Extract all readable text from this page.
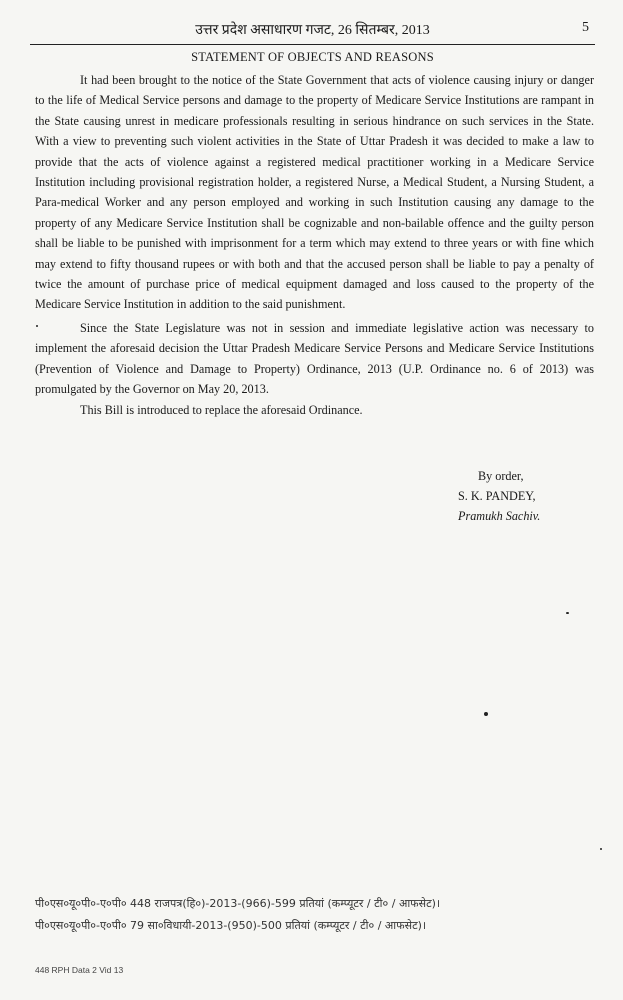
उत्तर प्रदेश असाधारण गजट, 26 सितम्बर, 2013	5
STATEMENT OF OBJECTS AND REASONS

It had been brought to the notice of the State Government that acts of violence causing injury or danger to the life of Medical Service persons and damage to the property of Medicare Service Institutions are rampant in the State causing unrest in medicare professionals resulting in serious hindrance on such services in the State. With a view to preventing such violent activities in the State of Uttar Pradesh it was decided to make a law to provide that the acts of violence against a registered medical practitioner working in a Medicare Service Institution including provisional registration holder, a registered Nurse, a Medical Student, a Nursing Student, a Para-medical Worker and any person employed and working in such Institution causing any damage to the property of any Medicare Service Institution shall be cognizable and non-bailable offence and the guilty person shall be liable to be punished with imprisonment for a term which may extend to three years or with fine which may extend to fifty thousand rupees or with both and that the accused person shall be liable to pay a penalty of twice the amount of purchase price of medical equipment damaged and loss caused to the property of the Medicare Service Institution in addition to the said punishment.

Since the State Legislature was not in session and immediate legislative action was necessary to implement the aforesaid decision the Uttar Pradesh Medicare Service Persons and Medicare Service Institutions (Prevention of Violence and Damage to Property) Ordinance, 2013 (U.P. Ordinance no. 6 of 2013) was promulgated by the Governor on May 20, 2013.

This Bill is introduced to replace the aforesaid Ordinance.

By order,
S. K. PANDEY,
Pramukh Sachiv.
पी०एस०यू०पी०-ए०पी० 448 राजपत्र(हि०)-2013-(966)-599 प्रतियां (कम्प्यूटर / टी० / आफसेट)।
पी०एस०यू०पी०-ए०पी० 79 सा०विधायी-2013-(950)-500 प्रतियां (कम्प्यूटर / टी० / आफसेट)।
448 RPH Data 2 Vid 13
